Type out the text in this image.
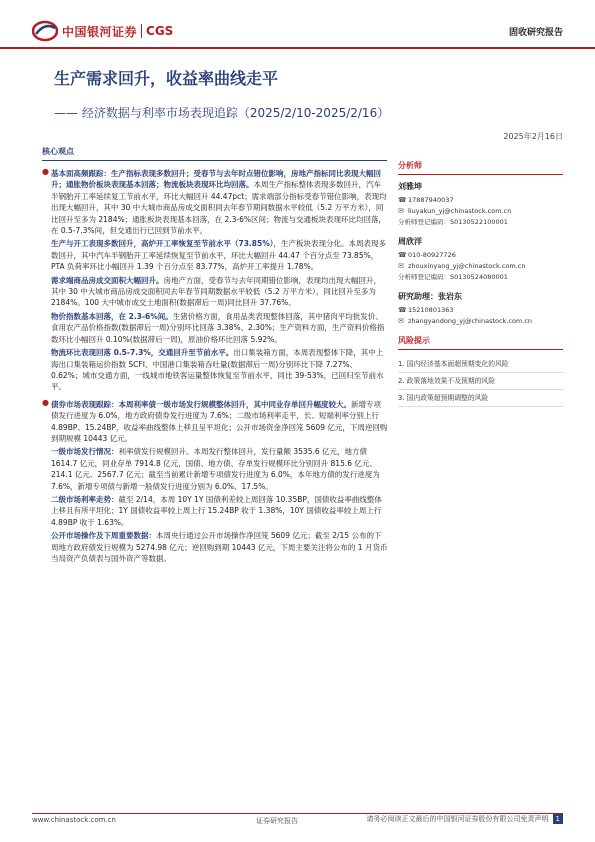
中国银河证券 CGS	固收研究报告
生产需求回升，收益率曲线走平
—— 经济数据与利率市场表现追踪（2025/2/10-2025/2/16）
2025年2月16日
核心观点
● 基本面高频跟踪：生产指标表现多数回升；受春节与去年时点错位影响，房地产指标同比表现大幅回升；通胀物价板块表现基本回落；物流板块表现环比均回落。本周生产指标整体表现多数回升，汽车半钢胎开工率延续复工节前水平，环比大幅回升 44.47pct；需求端部分指标受春节错位影响，表现均出现大幅回升，其中 30 中大城市商品房成交面积同去年春节期间数据水平较低（5.2 万平方米），同比回升至多为 2184%；通胀板块表现基本回落，在 2.3-6%区间；物流与交通板块表现环比均回落，在 0.5-7.3%间，但交通出行已回到节前水平。
生产与开工表现多数回升，高炉开工率恢复至节前水平（73.85%），生产板块表现分化。本周表现多数回升，其中汽车半钢胎开工率延续恢复至节前水平，环比大幅回升 44.47 个百分点至 73.85%，PTA 负荷率环比小幅回升 1.39 个百分点至 83.77%，高炉开工率提升 1.78%。
需求端商品房成交面积大幅回升。房地产方面，受春节与去年同期错位影响，表现均出现大幅回升，其中 30 中大城市商品房成交面积同去年春节同期数据水平较低（5.2 万平方米），同比回升至多为 2184%。100 大中城市成交土地面积(数据滞后一周)同比回升 37.76%。
物价指数基本回落，在 2.3-6%间。生猪价格方面，食用品类表现整体回落，其中猪肉平均批发价、食用农产品价格指数(数据滞后一周)分别环比回落 3.38%、2.30%；生产资料方面，生产资料价格指数环比小幅回升 0.10%(数据滞后一周)，原油价格环比回落 5.92%。
物流环比表现回落 0.5-7.3%，交通回升至节前水平。出口集装箱方面，本周表现整体下降，其中上海出口集装箱运价指数 SCFI、中国港口集装箱吞吐量(数据滞后一周)分别环比下降 7.27%、0.62%；城市交通方面，一线城市地铁客运量整体恢复至节前水平，同比 39-53%，已回归至节前水平。
● 债券市场表现跟踪：本周利率债一级市场发行规模整体回升，其中同业存单回升幅度较大。新增专项债发行进度为 6.0%，地方政府债券发行进度为 7.6%；二级市场利率走平，长、短端利率分别上行 4.89BP、15.24BP，收益率曲线整体上移且呈平坦化；公开市场资金净回笼 5609 亿元，下周逆回购到期规模 10443 亿元。
一级市场发行情况：利率债发行规模回升。本周发行整体回升，发行量额 3535.6 亿元，地方债 1614.7 亿元，同业存单 7914.8 亿元，国债、地方债、存单发行规模环比分别回升 815.6 亿元、214.1 亿元、2567.7 亿元；截至当前累计新增专项债发行进度为 6.0%，本年地方债的发行进度为 7.6%，新增专项债与新增一般债发行进度分别为 6.0%、17.5%。
二级市场利率走势：截至 2/14，本周 10Y 1Y 国债利差较上周回落 10.35BP，国债收益率曲线整体上移且有所平坦化；1Y 国债收益率较上周上行 15.24BP 收于 1.38%，10Y 国债收益率较上周上行 4.89BP 收于 1.63%。
公开市场操作及下周重要数据：本周央行通过公开市场操作净回笼 5609 亿元；截至 2/15 公布的下周地方政府债发行规模为 5274.98 亿元；逆回购到期 10443 亿元，下周主要关注将公布的 1 月货币当局资产负债表与国外资产等数据。
分析师
刘雅坤
☎ 17887940037
✉ liuyakun_yj@chinastock.com.cn
分析师登记编码：S0130522100001
周欣洋
☎ 010-80927726
✉ zhouxinyang_yj@chinastock.com.cn
分析师登记编码：S0130524080001
研究助理：张岩东
☎ 15210801363
✉ zhangyandong_yj@chinastock.com.cn
风险提示
1. 国内经济基本面超预期变化的风险
2. 政策落地效果不及预期的风险
3. 国内政策超预期调整的风险
www.chinastock.com.cn	证券研究报告	请务必阅读正文最后的中国银河证券股份有限公司免责声明	1
